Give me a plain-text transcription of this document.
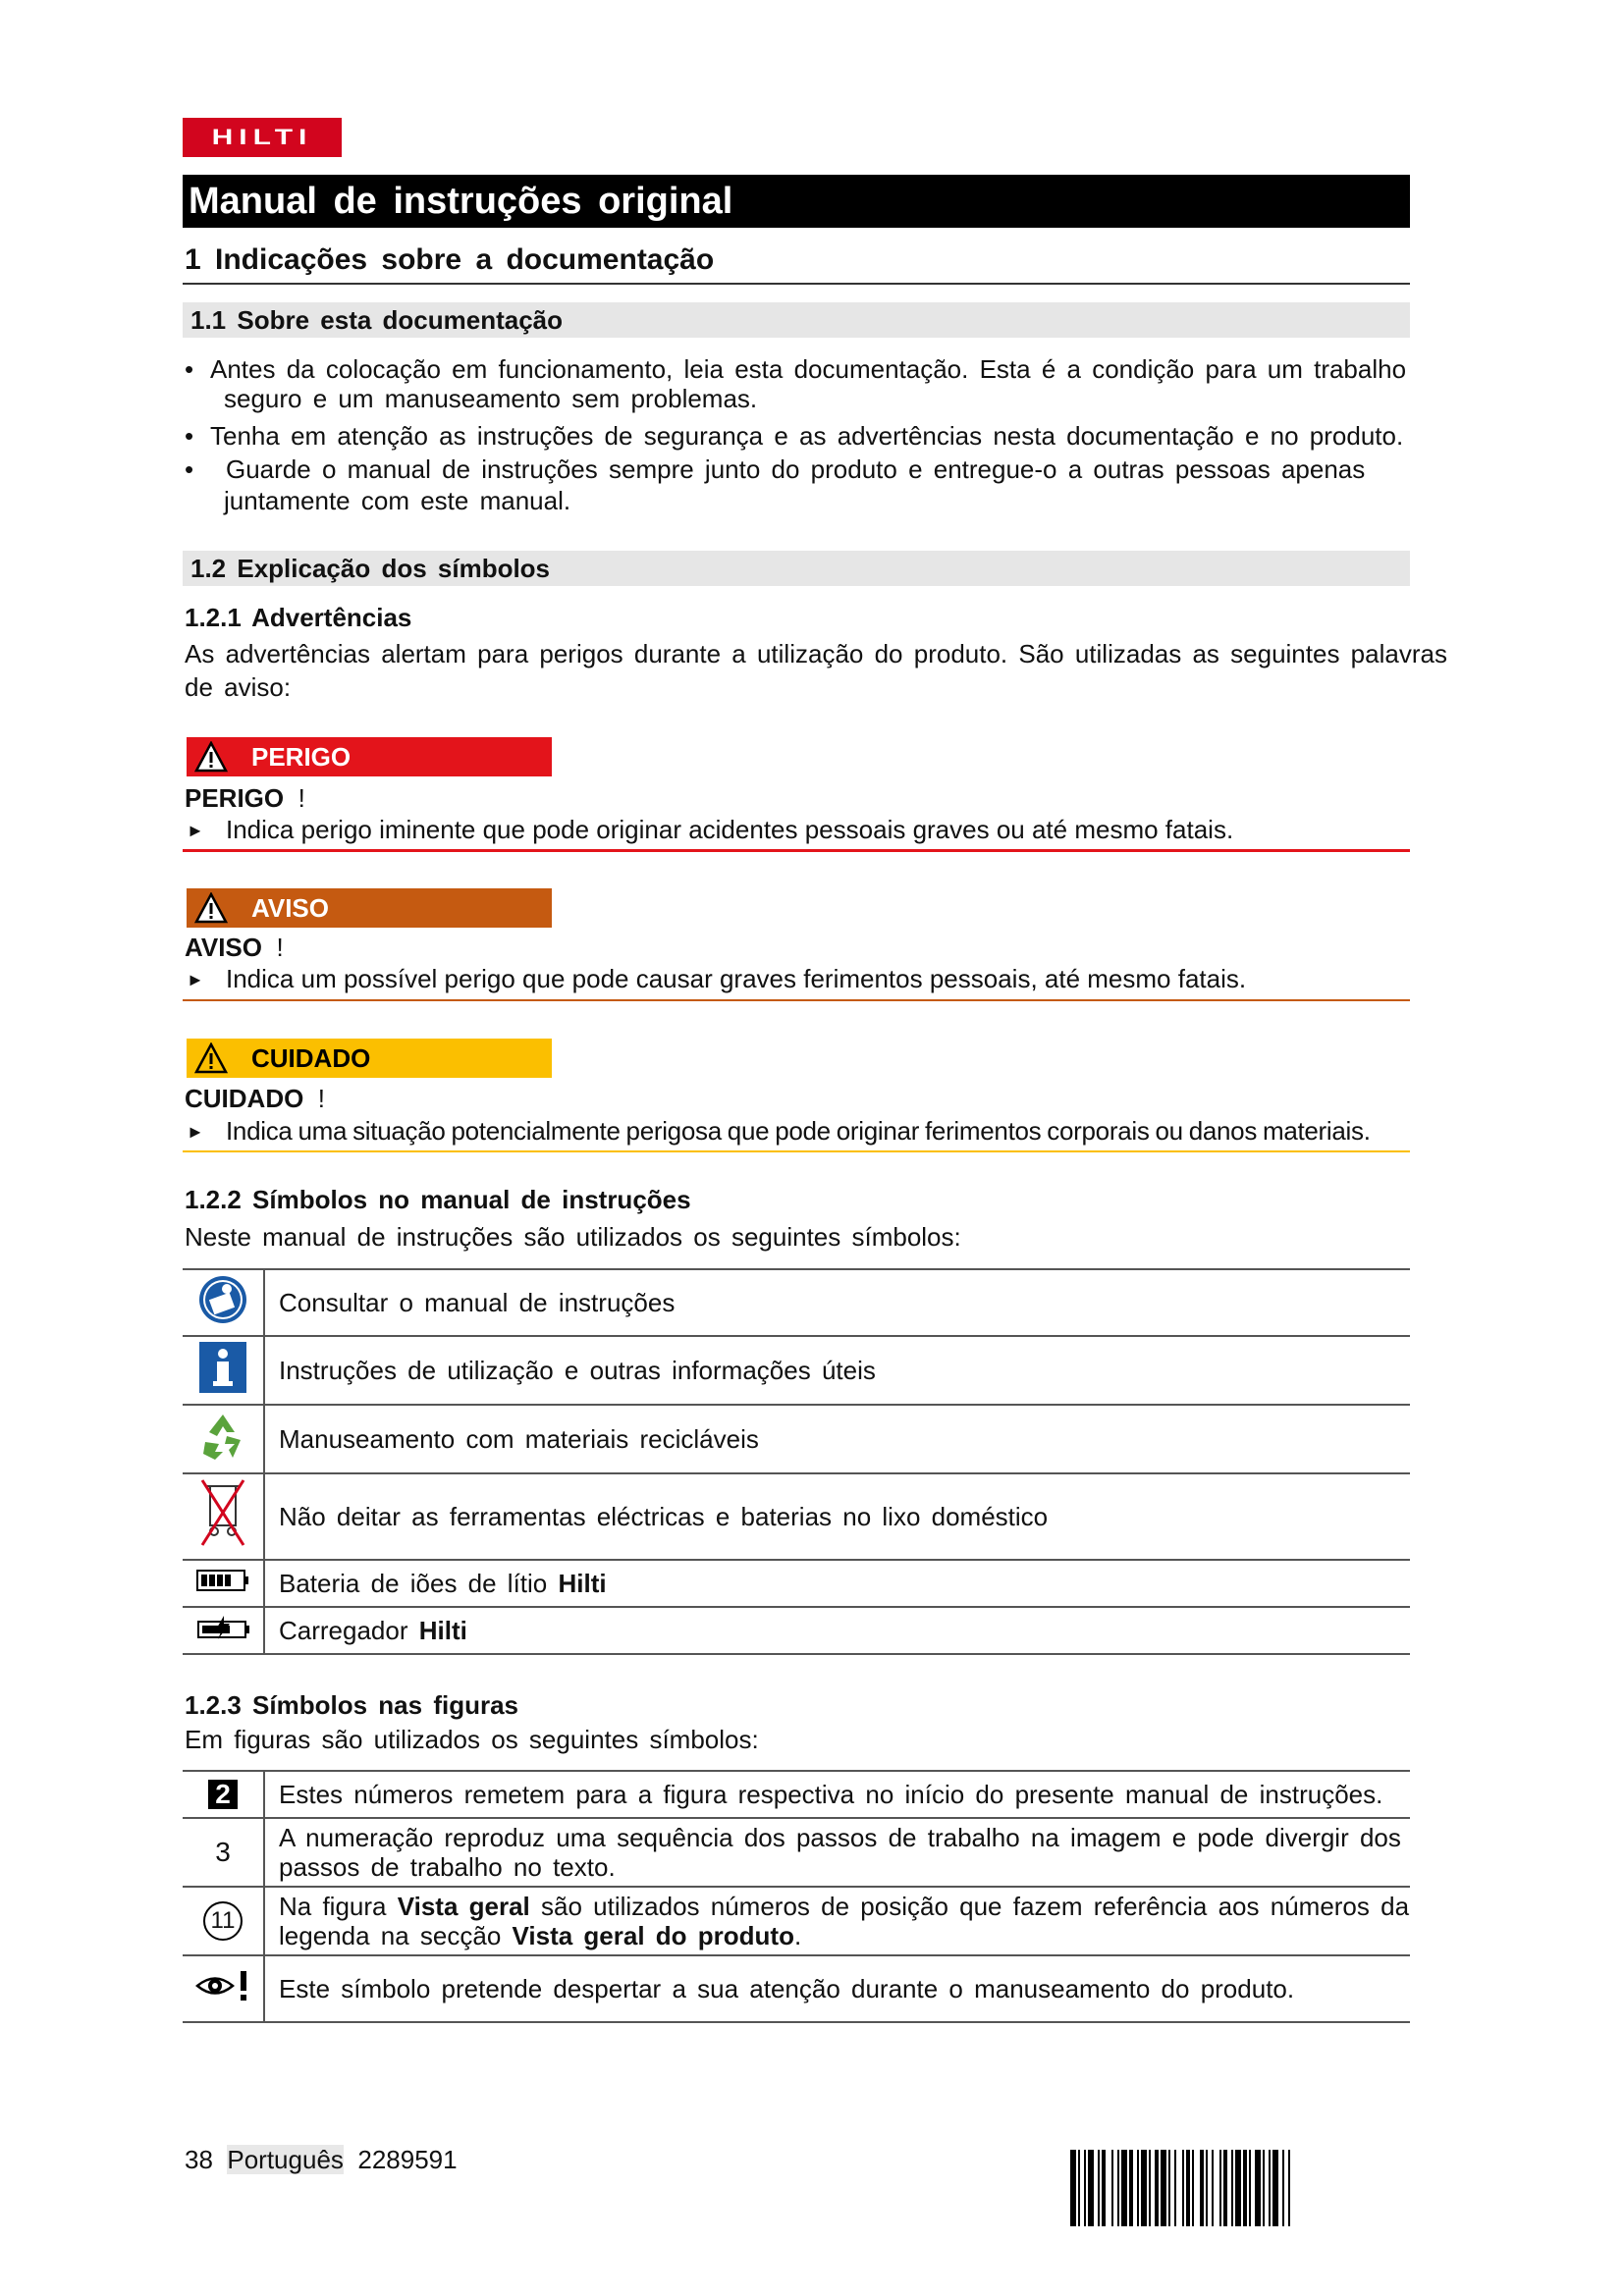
HILTI
Manual de instruções original
1 Indicações sobre a documentação
1.1 Sobre esta documentação
• Antes da colocação em funcionamento, leia esta documentação. Esta é a condição para um trabalho
seguro e um manuseamento sem problemas.
• Tenha em atenção as instruções de segurança e as advertências nesta documentação e no produto.
• Guarde o manual de instruções sempre junto do produto e entregue-o a outras pessoas apenas
juntamente com este manual.
1.2 Explicação dos símbolos
1.2.1 Advertências
As advertências alertam para perigos durante a utilização do produto. São utilizadas as seguintes palavras
de aviso:
PERIGO
PERIGO !
► Indica perigo iminente que pode originar acidentes pessoais graves ou até mesmo fatais.
AVISO
AVISO !
► Indica um possível perigo que pode causar graves ferimentos pessoais, até mesmo fatais.
CUIDADO
CUIDADO !
► Indica uma situação potencialmente perigosa que pode originar ferimentos corporais ou danos materiais.
1.2.2 Símbolos no manual de instruções
Neste manual de instruções são utilizados os seguintes símbolos:
	Consultar o manual de instruções
	Instruções de utilização e outras informações úteis
	Manuseamento com materiais recicláveis
	Não deitar as ferramentas eléctricas e baterias no lixo doméstico
	Bateria de iões de lítio Hilti
	Carregador Hilti
1.2.3 Símbolos nas figuras
Em figuras são utilizados os seguintes símbolos:
2	Estes números remetem para a figura respectiva no início do presente manual de instruções.
3	A numeração reproduz uma sequência dos passos de trabalho na imagem e pode divergir dos
passos de trabalho no texto.
11	Na figura Vista geral são utilizados números de posição que fazem referência aos números da
legenda na secção Vista geral do produto.
	Este símbolo pretende despertar a sua atenção durante o manuseamento do produto.
38 Português 2289591
